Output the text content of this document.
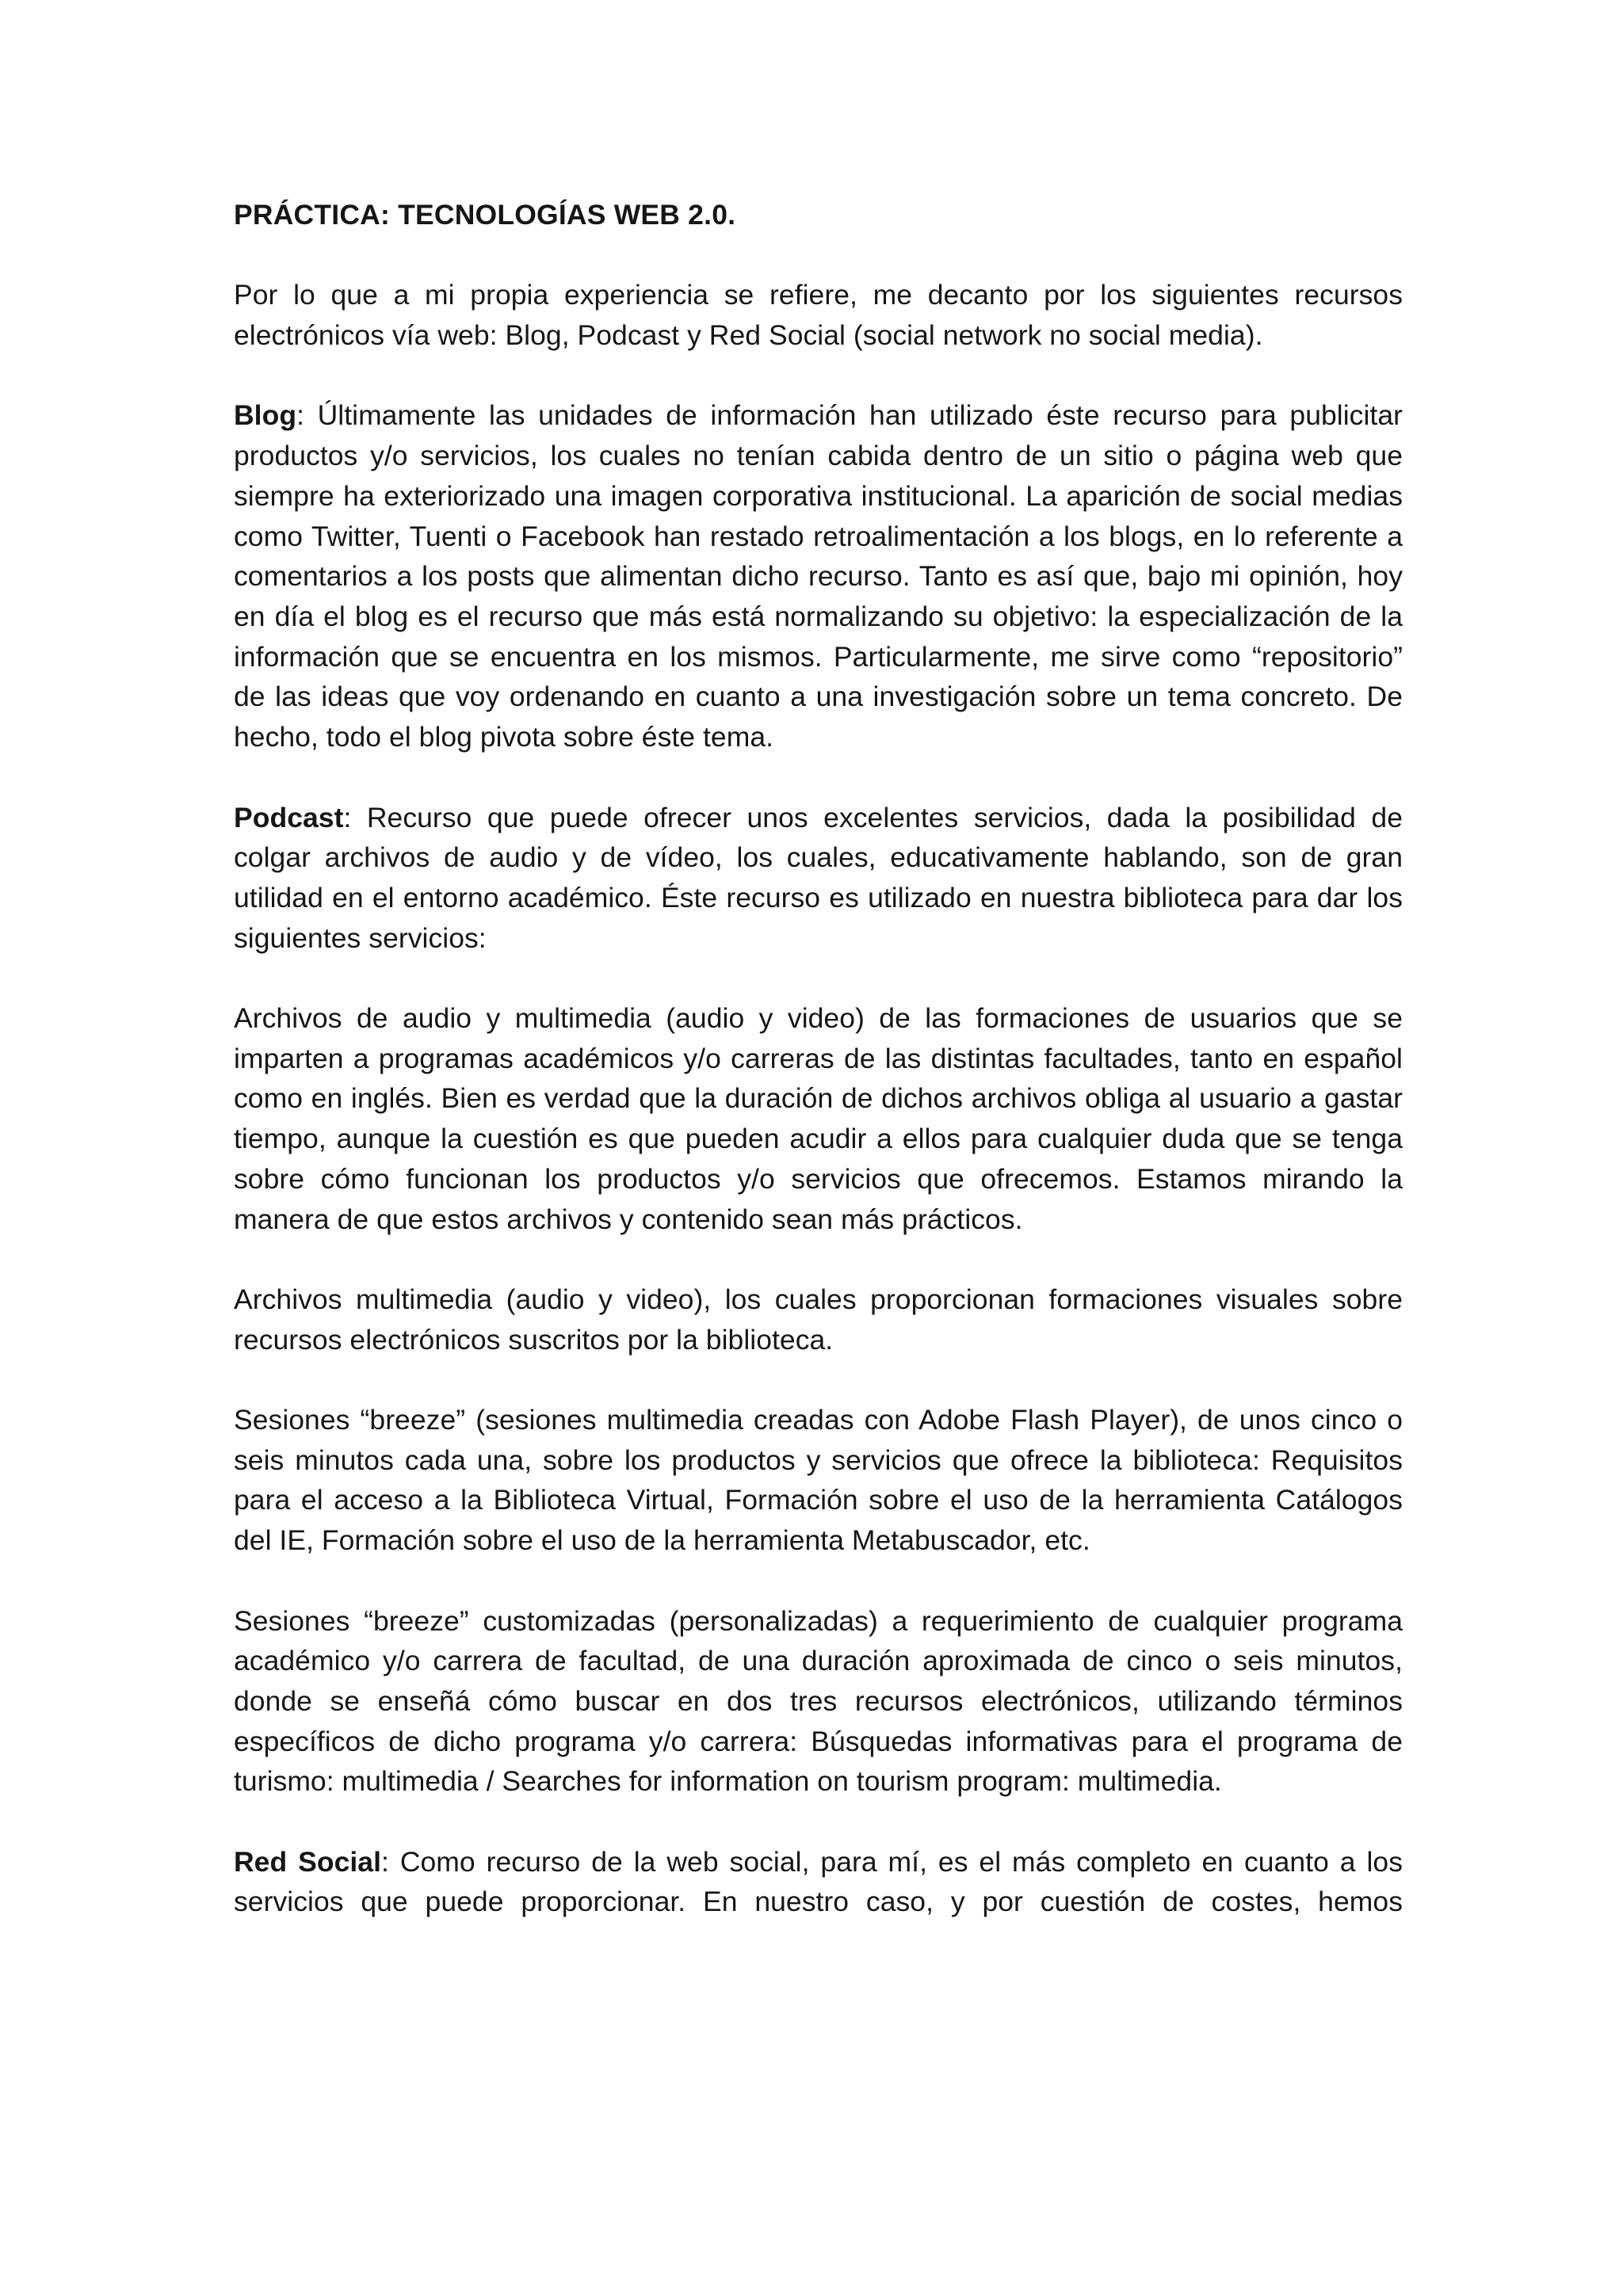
PRÁCTICA: TECNOLOGÍAS WEB 2.0.

Por lo que a mi propia experiencia se refiere, me decanto por los siguientes recursos electrónicos vía web: Blog, Podcast y Red Social (social network no social media).

Blog: Últimamente las unidades de información han utilizado éste recurso para publicitar productos y/o servicios, los cuales no tenían cabida dentro de un sitio o página web que siempre ha exteriorizado una imagen corporativa institucional. La aparición de social medias como Twitter, Tuenti o Facebook han restado retroalimentación a los blogs, en lo referente a comentarios a los posts que alimentan dicho recurso. Tanto es así que, bajo mi opinión, hoy en día el blog es el recurso que más está normalizando su objetivo: la especialización de la información que se encuentra en los mismos. Particularmente, me sirve como “repositorio” de las ideas que voy ordenando en cuanto a una investigación sobre un tema concreto. De hecho, todo el blog pivota sobre éste tema.

Podcast: Recurso que puede ofrecer unos excelentes servicios, dada la posibilidad de colgar archivos de audio y de vídeo, los cuales, educativamente hablando, son de gran utilidad en el entorno académico. Éste recurso es utilizado en nuestra biblioteca para dar los siguientes servicios:

Archivos de audio y multimedia (audio y video) de las formaciones de usuarios que se imparten a programas académicos y/o carreras de las distintas facultades, tanto en español como en inglés. Bien es verdad que la duración de dichos archivos obliga al usuario a gastar tiempo, aunque la cuestión es que pueden acudir a ellos para cualquier duda que se tenga sobre cómo funcionan los productos y/o servicios que ofrecemos. Estamos mirando la manera de que estos archivos y contenido sean más prácticos.

Archivos multimedia (audio y video), los cuales proporcionan formaciones visuales sobre recursos electrónicos suscritos por la biblioteca.

Sesiones “breeze” (sesiones multimedia creadas con Adobe Flash Player), de unos cinco o seis minutos cada una, sobre los productos y servicios que ofrece la biblioteca: Requisitos para el acceso a la Biblioteca Virtual, Formación sobre el uso de la herramienta Catálogos del IE, Formación sobre el uso de la herramienta Metabuscador, etc.

Sesiones “breeze” customizadas (personalizadas) a requerimiento de cualquier programa académico y/o carrera de facultad, de una duración aproximada de cinco o seis minutos, donde se enseñá cómo buscar en dos tres recursos electrónicos, utilizando términos específicos de dicho programa y/o carrera: Búsquedas informativas para el programa de turismo: multimedia / Searches for information on tourism program: multimedia.

Red Social: Como recurso de la web social, para mí, es el más completo en cuanto a los servicios que puede proporcionar. En nuestro caso, y por cuestión de costes, hemos
